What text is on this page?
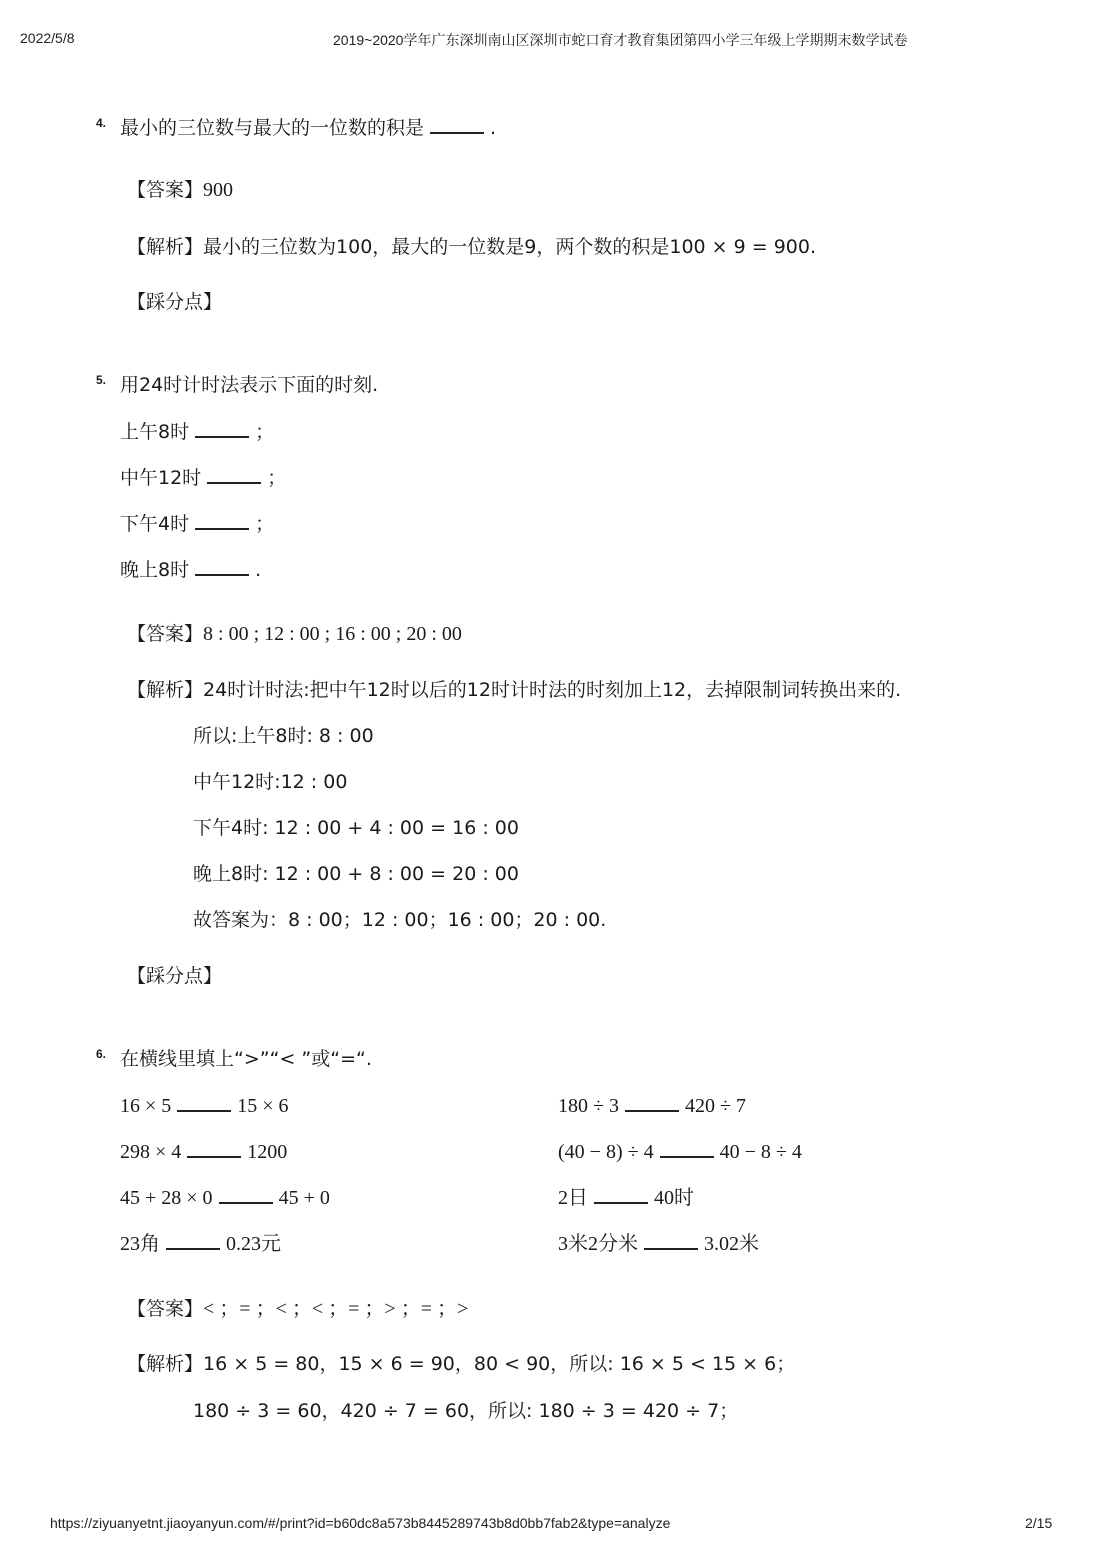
2022/5/8	2019~2020学年广东深圳南山区深圳市蛇口育才教育集团第四小学三年级上学期期末数学试卷
4. 最小的三位数与最大的一位数的积是	.
【答案】900
【解析】最小的三位数为100，最大的一位数是9，两个数的积是100 × 9 = 900.
【踩分点】
5. 用24时计时法表示下面的时刻.
上午8时	；
中午12时	；
下午4时	；
晚上8时	.
【答案】8 : 00 ; 12 : 00 ; 16 : 00 ; 20 : 00
【解析】24时计时法:把中午12时以后的12时计时法的时刻加上12，去掉限制词转换出来的.
所以:上午8时: 8 : 00
中午12时:12 : 00
下午4时: 12 : 00 + 4 : 00 = 16 : 00
晚上8时: 12 : 00 + 8 : 00 = 20 : 00
故答案为：8 : 00；12 : 00；16 : 00；20 : 00.
【踩分点】
6. 在横线里填上“>”“< ”或“=“.
16 × 5	15 × 6	180 ÷ 3	420 ÷ 7
298 × 4	1200	(40 − 8) ÷ 4	40 − 8 ÷ 4
45 + 28 × 0	45 + 0	2日	40时
23角	0.23元	3米2分米	3.02米
【答案】< ；= ；< ；< ；= ；> ；= ；>
【解析】16 × 5 = 80，15 × 6 = 90，80 < 90，所以: 16 × 5 < 15 × 6；
180 ÷ 3 = 60，420 ÷ 7 = 60，所以: 180 ÷ 3 = 420 ÷ 7；
https://ziyuanyetnt.jiaoyanyun.com/#/print?id=b60dc8a573b8445289743b8d0bb7fab2&type=analyze	2/15
